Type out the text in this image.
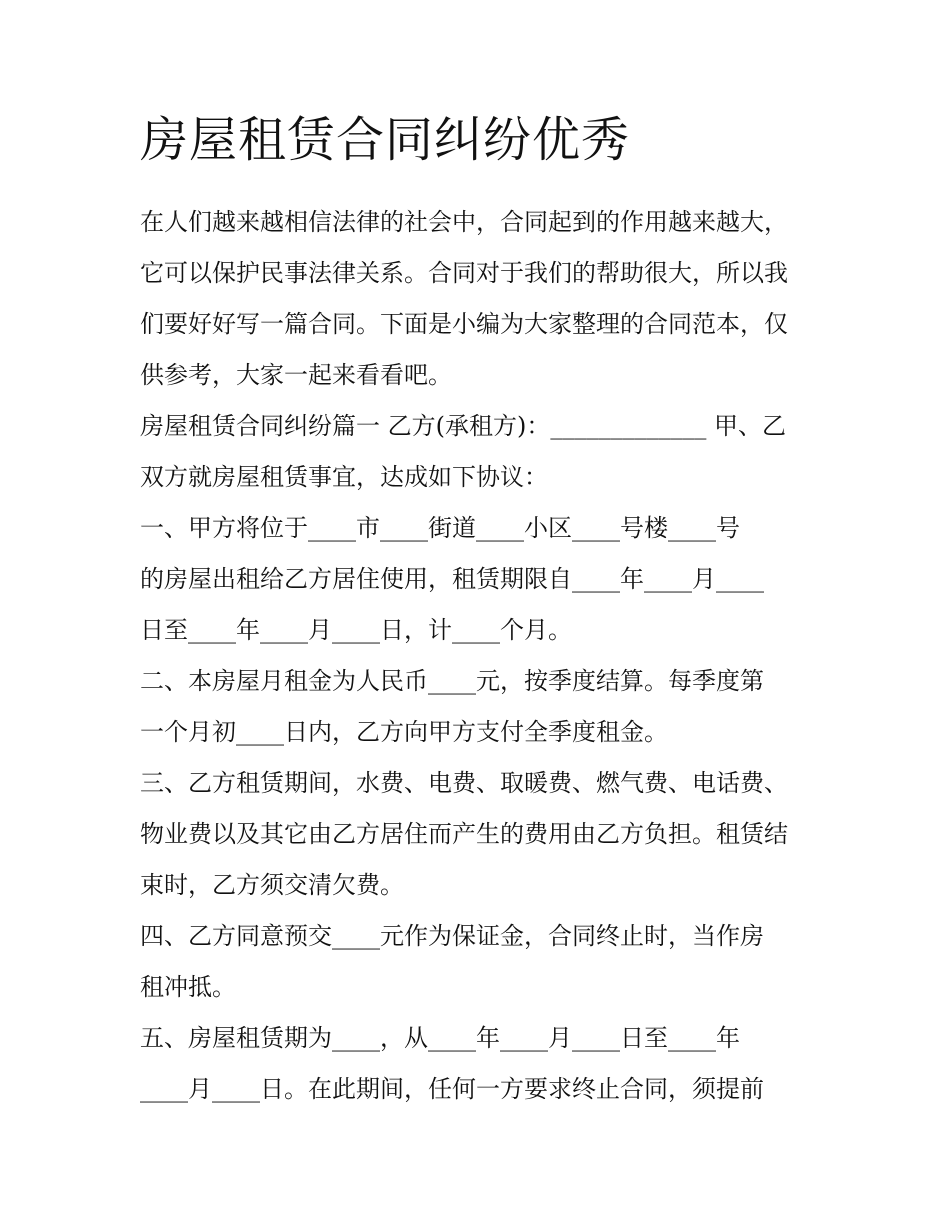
房屋租赁合同纠纷优秀
在人们越来越相信法律的社会中，合同起到的作用越来越大，
它可以保护民事法律关系。合同对于我们的帮助很大，所以我
们要好好写一篇合同。下面是小编为大家整理的合同范本，仅
供参考，大家一起来看看吧。
房屋租赁合同纠纷篇一 乙方(承租方)：_____________ 甲、乙
双方就房屋租赁事宜，达成如下协议：
一、甲方将位于____市____街道____小区____号楼____号
的房屋出租给乙方居住使用，租赁期限自____年____月____
日至____年____月____日，计____个月。
二、本房屋月租金为人民币____元，按季度结算。每季度第
一个月初____日内，乙方向甲方支付全季度租金。
三、乙方租赁期间，水费、电费、取暖费、燃气费、电话费、
物业费以及其它由乙方居住而产生的费用由乙方负担。租赁结
束时，乙方须交清欠费。
四、乙方同意预交____元作为保证金，合同终止时，当作房
租冲抵。
五、房屋租赁期为____，从____年____月____日至____年
____月____日。在此期间，任何一方要求终止合同，须提前
